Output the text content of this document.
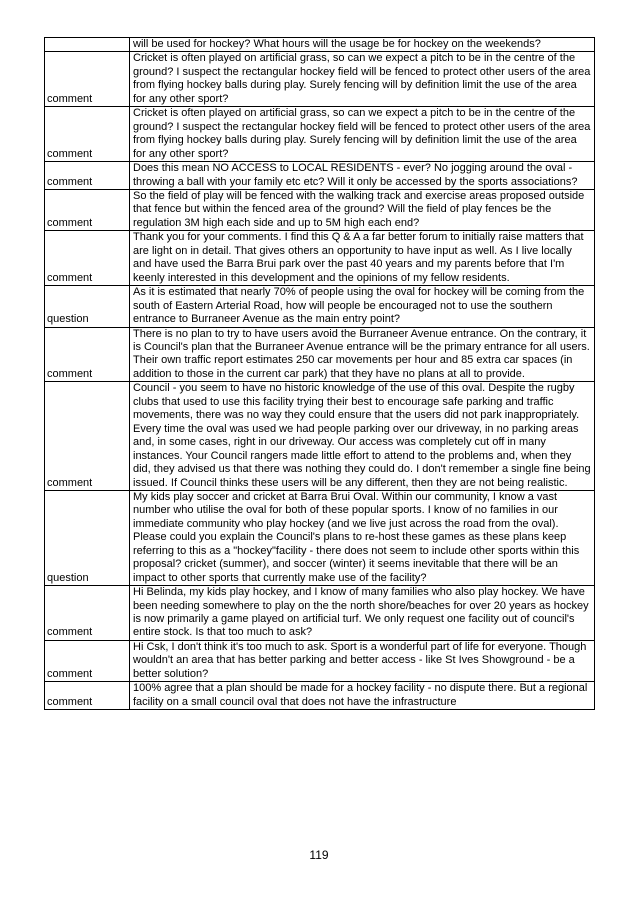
	will be used for hockey? What hours will the usage be for hockey on the weekends?
comment	Cricket is often played on artificial grass, so can we expect a pitch to be in the centre of the ground? I suspect the rectangular hockey field will be fenced to protect other users of the area from flying hockey balls during play. Surely fencing will by definition limit the use of the area for any other sport?
comment	Cricket is often played on artificial grass, so can we expect a pitch to be in the centre of the ground? I suspect the rectangular hockey field will be fenced to protect other users of the area from flying hockey balls during play. Surely fencing will by definition limit the use of the area for any other sport?
comment	Does this mean NO ACCESS to LOCAL RESIDENTS - ever? No jogging around the oval - throwing a ball with your family etc etc? Will it only be accessed by the sports associations?
comment	So the field of play will be fenced with the walking track and exercise areas proposed outside that fence but within the fenced area of the ground? Will the field of play fences be the regulation 3M high each side and up to 5M high each end?
comment	Thank you for your comments. I find this Q & A a far better forum to initially raise matters that are light on in detail. That gives others an opportunity to have input as well. As I live locally and have used the Barra Brui park over the past 40 years and my parents before that I'm keenly interested in this development and the opinions of my fellow residents.
question	As it is estimated that nearly 70% of people using the oval for hockey will be coming from the south of Eastern Arterial Road, how will people be encouraged not to use the southern entrance to Burraneer Avenue as the main entry point?
comment	There is no plan to try to have users avoid the Burraneer Avenue entrance. On the contrary, it is Council's plan that the Burraneer Avenue entrance will be the primary entrance for all users. Their own traffic report estimates 250 car movements per hour and 85 extra car spaces (in addition to those in the current car park) that they have no plans at all to provide.
comment	Council - you seem to have no historic knowledge of the use of this oval. Despite the rugby clubs that used to use this facility trying their best to encourage safe parking and traffic movements, there was no way they could ensure that the users did not park inappropriately. Every time the oval was used we had people parking over our driveway, in no parking areas and, in some cases, right in our driveway. Our access was completely cut off in many instances. Your Council rangers made little effort to attend to the problems and, when they did, they advised us that there was nothing they could do. I don't remember a single fine being issued. If Council thinks these users will be any different, then they are not being realistic.
question	My kids play soccer and cricket at Barra Brui Oval. Within our community, I know a vast number who utilise the oval for both of these popular sports. I know of no families in our immediate community who play hockey (and we live just across the road from the oval).
Please could you explain the Council's plans to re-host these games as these plans keep referring to this as a "hockey"facility - there does not seem to include other sports within this proposal? cricket (summer), and soccer (winter) it seems inevitable that there will be an impact to other sports that currently make use of the facility?
comment	Hi Belinda, my kids play hockey, and I know of many families who also play hockey. We have been needing somewhere to play on the the north shore/beaches for over 20 years as hockey is now primarily a game played on artificial turf. We only request one facility out of council's entire stock. Is that too much to ask?
comment	Hi Csk, I don't think it's too much to ask. Sport is a wonderful part of life for everyone. Though wouldn't an area that has better parking and better access - like St Ives Showground - be a better solution?
comment	100% agree that a plan should be made for a hockey facility - no dispute there. But a regional facility on a small council oval that does not have the infrastructure
119
